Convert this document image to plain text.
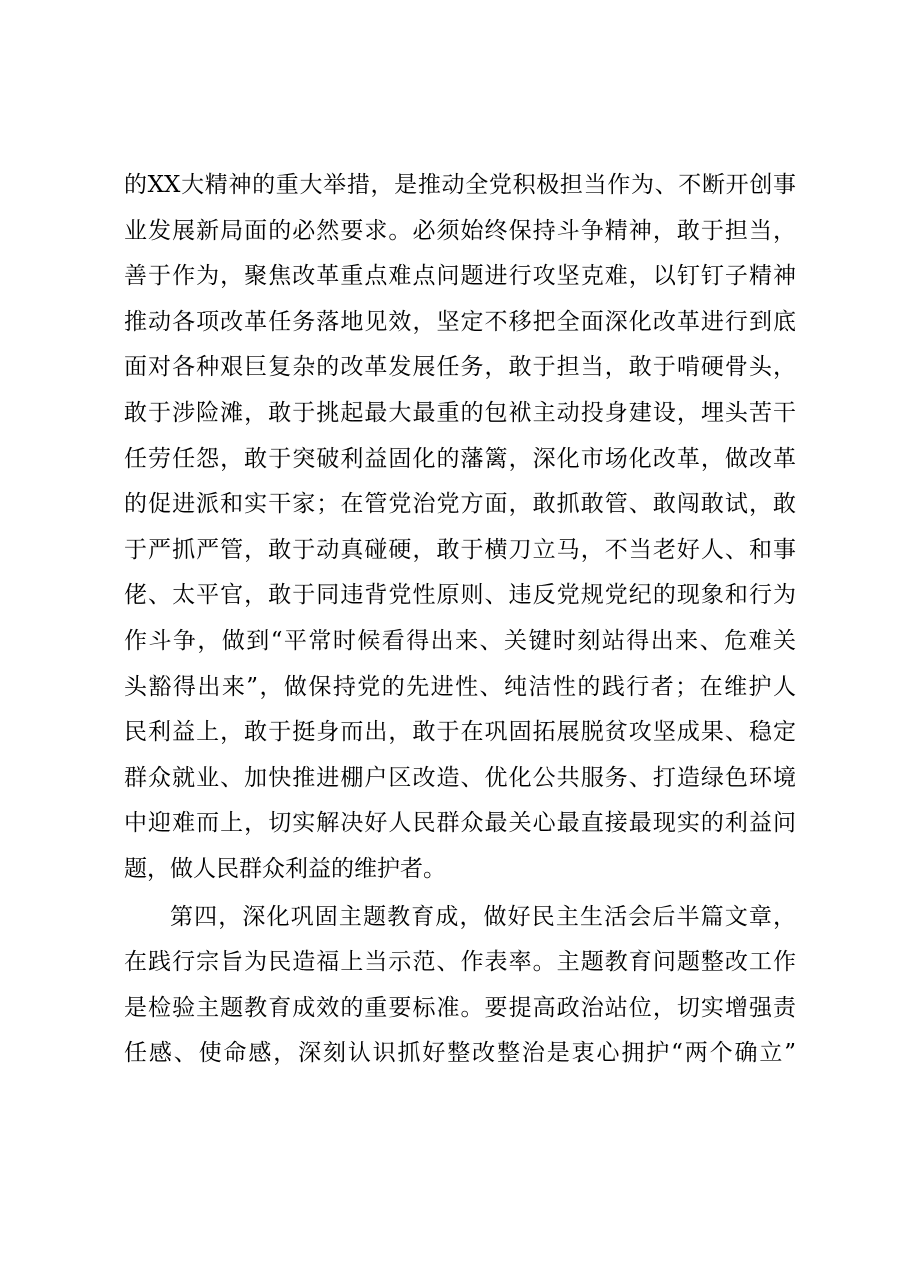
的XX大精神的重大举措，是推动全党积极担当作为、不断开创事
业发展新局面的必然要求。必须始终保持斗争精神，敢于担当，
善于作为，聚焦改革重点难点问题进行攻坚克难，以钉钉子精神
推动各项改革任务落地见效，坚定不移把全面深化改革进行到底
面对各种艰巨复杂的改革发展任务，敢于担当，敢于啃硬骨头，
敢于涉险滩，敢于挑起最大最重的包袱主动投身建设，埋头苦干
任劳任怨，敢于突破利益固化的藩篱，深化市场化改革，做改革
的促进派和实干家；在管党治党方面，敢抓敢管、敢闯敢试，敢
于严抓严管，敢于动真碰硬，敢于横刀立马，不当老好人、和事
佬、太平官，敢于同违背党性原则、违反党规党纪的现象和行为
作斗争，做到“平常时候看得出来、关键时刻站得出来、危难关
头豁得出来”，做保持党的先进性、纯洁性的践行者；在维护人
民利益上，敢于挺身而出，敢于在巩固拓展脱贫攻坚成果、稳定
群众就业、加快推进棚户区改造、优化公共服务、打造绿色环境
中迎难而上，切实解决好人民群众最关心最直接最现实的利益问
题，做人民群众利益的维护者。
第四，深化巩固主题教育成，做好民主生活会后半篇文章，
在践行宗旨为民造福上当示范、作表率。主题教育问题整改工作
是检验主题教育成效的重要标准。要提高政治站位，切实增强责
任感、使命感，深刻认识抓好整改整治是衷心拥护“两个确立”
